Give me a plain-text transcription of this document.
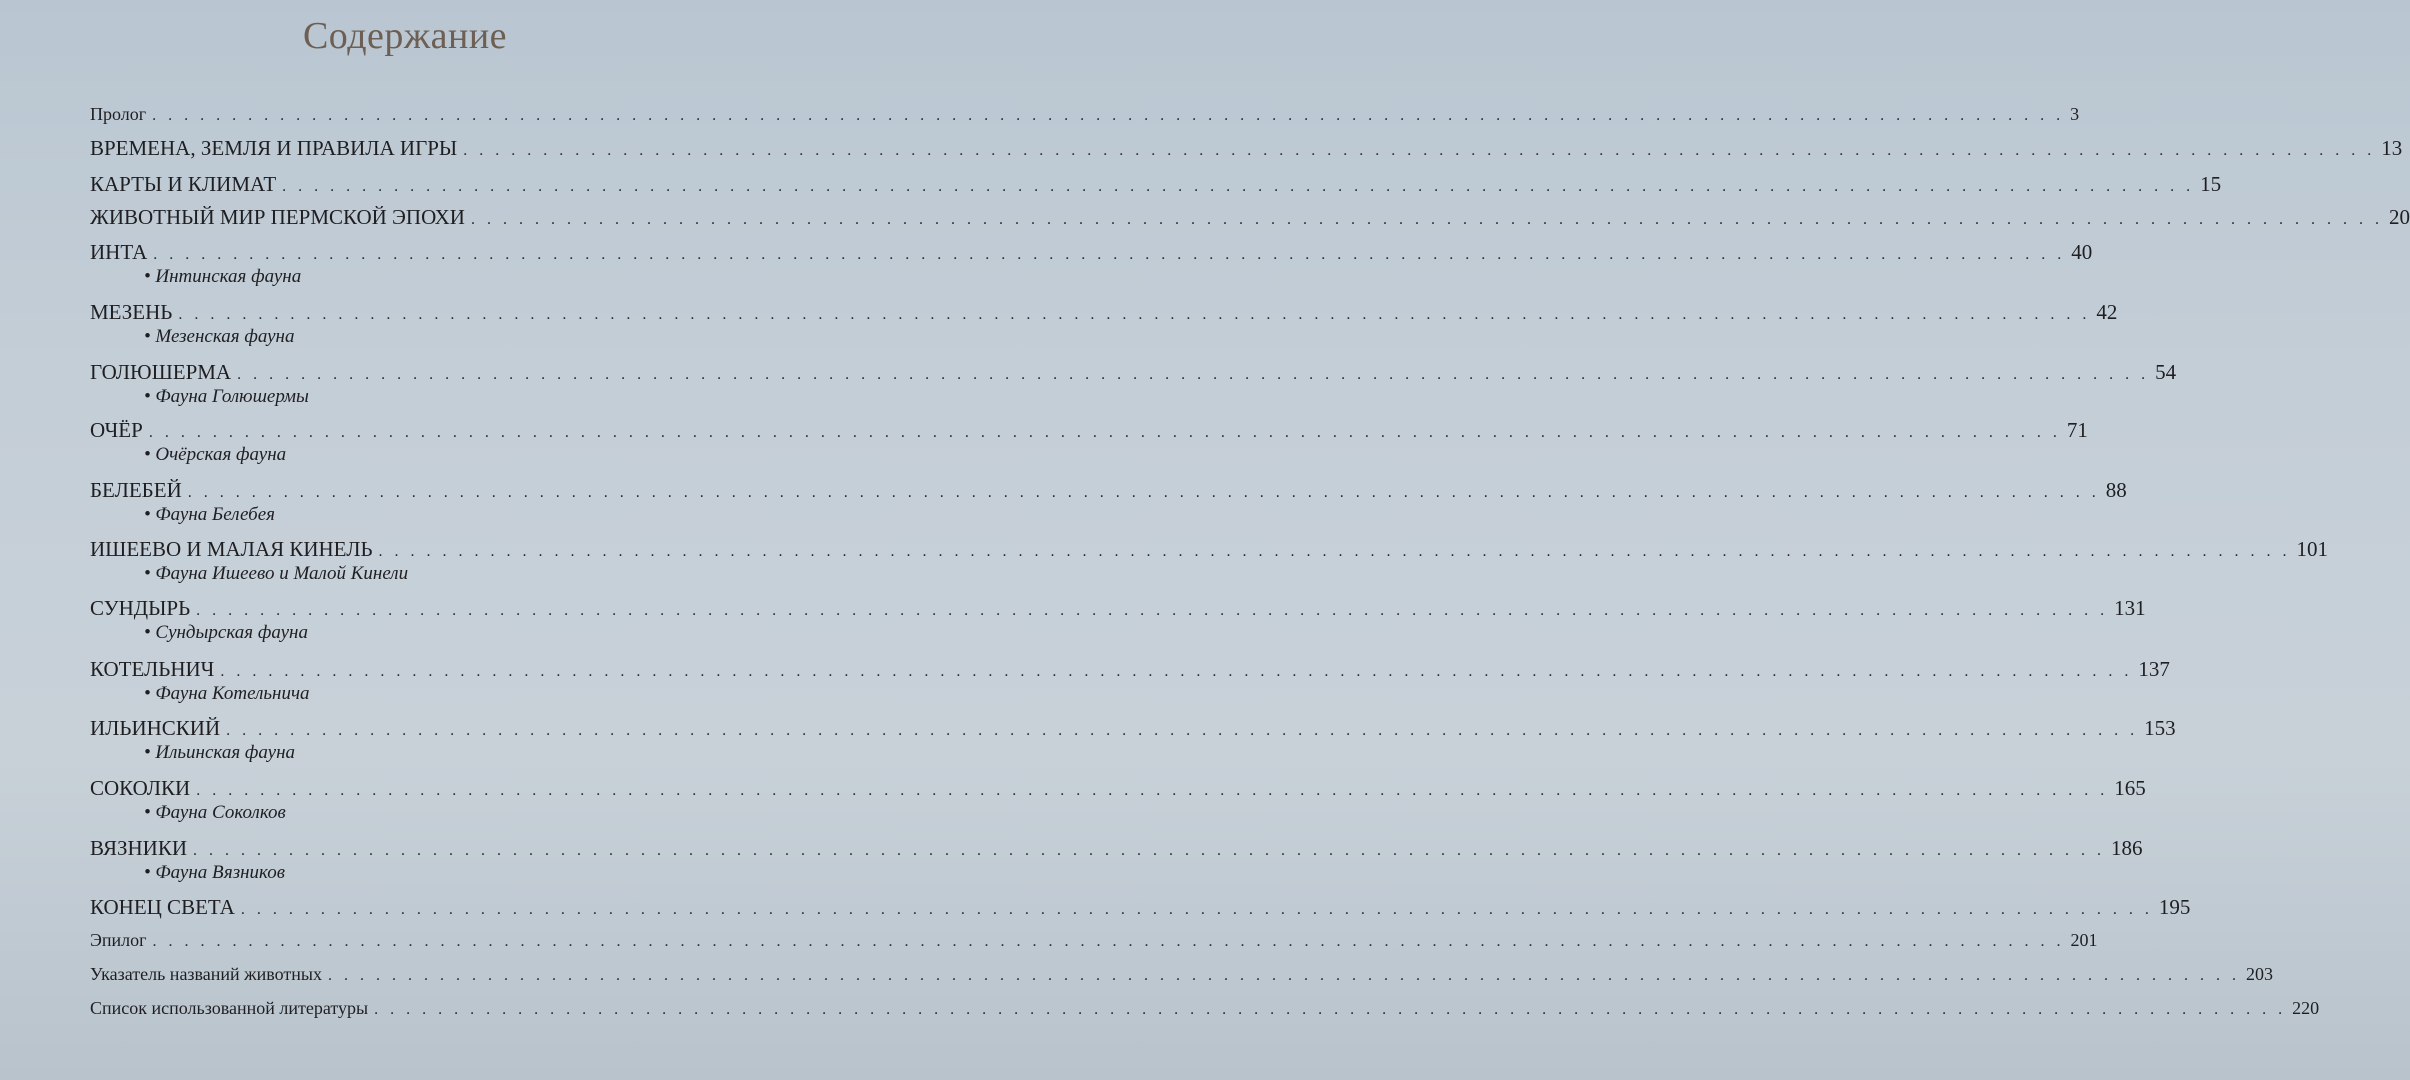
Содержание
Пролог . . . . . . . . . . . . . . . . . . . . . . . . . . . . . . . . . . . . . . . . . . . . . . . . . . . . . . . . . . . . . . . . . . . . . . . . . . . . . . . . . . . . . . . . . . . . . . . . . . . . . . . . . . . . . . . . . . . . . . . . 3
ВРЕМЕНА, ЗЕМЛЯ И ПРАВИЛА ИГРЫ . . . . . . . . . . . . . . . . . . . . . . . . . . . . . . . . . . . . . . . . . . . . . . . . . . . . . . . . . . . . . . . . . . . . . . . . . . . . . . . . . . . . . . . . . . . . . . . . . . . . . . . . . . . . . . . . . . . . . . . . 13
КАРТЫ И КЛИМАТ . . . . . . . . . . . . . . . . . . . . . . . . . . . . . . . . . . . . . . . . . . . . . . . . . . . . . . . . . . . . . . . . . . . . . . . . . . . . . . . . . . . . . . . . . . . . . . . . . . . . . . . . . . . . . . . . . . . . . . . . 15
ЖИВОТНЫЙ МИР ПЕРМСКОЙ ЭПОХИ . . . . . . . . . . . . . . . . . . . . . . . . . . . . . . . . . . . . . . . . . . . . . . . . . . . . . . . . . . . . . . . . . . . . . . . . . . . . . . . . . . . . . . . . . . . . . . . . . . . . . . . . . . . . . . . . . . . . . . . . 20
ИНТА . . . . . . . . . . . . . . . . . . . . . . . . . . . . . . . . . . . . . . . . . . . . . . . . . . . . . . . . . . . . . . . . . . . . . . . . . . . . . . . . . . . . . . . . . . . . . . . . . . . . . . . . . . . . . . . . . . . . . . . . 40
• Интинская фауна
МЕЗЕНЬ . . . . . . . . . . . . . . . . . . . . . . . . . . . . . . . . . . . . . . . . . . . . . . . . . . . . . . . . . . . . . . . . . . . . . . . . . . . . . . . . . . . . . . . . . . . . . . . . . . . . . . . . . . . . . . . . . . . . . . . . 42
• Мезенская фауна
ГОЛЮШЕРМА . . . . . . . . . . . . . . . . . . . . . . . . . . . . . . . . . . . . . . . . . . . . . . . . . . . . . . . . . . . . . . . . . . . . . . . . . . . . . . . . . . . . . . . . . . . . . . . . . . . . . . . . . . . . . . . . . . . . . . . . 54
• Фауна Голюшермы
ОЧЁР . . . . . . . . . . . . . . . . . . . . . . . . . . . . . . . . . . . . . . . . . . . . . . . . . . . . . . . . . . . . . . . . . . . . . . . . . . . . . . . . . . . . . . . . . . . . . . . . . . . . . . . . . . . . . . . . . . . . . . . . 71
• Очёрская фауна
БЕЛЕБЕЙ . . . . . . . . . . . . . . . . . . . . . . . . . . . . . . . . . . . . . . . . . . . . . . . . . . . . . . . . . . . . . . . . . . . . . . . . . . . . . . . . . . . . . . . . . . . . . . . . . . . . . . . . . . . . . . . . . . . . . . . . 88
• Фауна Белебея
ИШЕЕВО И МАЛАЯ КИНЕЛЬ . . . . . . . . . . . . . . . . . . . . . . . . . . . . . . . . . . . . . . . . . . . . . . . . . . . . . . . . . . . . . . . . . . . . . . . . . . . . . . . . . . . . . . . . . . . . . . . . . . . . . . . . . . . . . . . . . . . . . . . . 101
• Фауна Ишеево и Малой Кинели
СУНДЫРЬ . . . . . . . . . . . . . . . . . . . . . . . . . . . . . . . . . . . . . . . . . . . . . . . . . . . . . . . . . . . . . . . . . . . . . . . . . . . . . . . . . . . . . . . . . . . . . . . . . . . . . . . . . . . . . . . . . . . . . . . . 131
• Сундырская фауна
КОТЕЛЬНИЧ . . . . . . . . . . . . . . . . . . . . . . . . . . . . . . . . . . . . . . . . . . . . . . . . . . . . . . . . . . . . . . . . . . . . . . . . . . . . . . . . . . . . . . . . . . . . . . . . . . . . . . . . . . . . . . . . . . . . . . . . 137
• Фауна Котельнича
ИЛЬИНСКИЙ . . . . . . . . . . . . . . . . . . . . . . . . . . . . . . . . . . . . . . . . . . . . . . . . . . . . . . . . . . . . . . . . . . . . . . . . . . . . . . . . . . . . . . . . . . . . . . . . . . . . . . . . . . . . . . . . . . . . . . . . 153
• Ильинская фауна
СОКОЛКИ . . . . . . . . . . . . . . . . . . . . . . . . . . . . . . . . . . . . . . . . . . . . . . . . . . . . . . . . . . . . . . . . . . . . . . . . . . . . . . . . . . . . . . . . . . . . . . . . . . . . . . . . . . . . . . . . . . . . . . . . 165
• Фауна Соколков
ВЯЗНИКИ . . . . . . . . . . . . . . . . . . . . . . . . . . . . . . . . . . . . . . . . . . . . . . . . . . . . . . . . . . . . . . . . . . . . . . . . . . . . . . . . . . . . . . . . . . . . . . . . . . . . . . . . . . . . . . . . . . . . . . . . 186
• Фауна Вязников
КОНЕЦ СВЕТА . . . . . . . . . . . . . . . . . . . . . . . . . . . . . . . . . . . . . . . . . . . . . . . . . . . . . . . . . . . . . . . . . . . . . . . . . . . . . . . . . . . . . . . . . . . . . . . . . . . . . . . . . . . . . . . . . . . . . . . . 195
Эпилог . . . . . . . . . . . . . . . . . . . . . . . . . . . . . . . . . . . . . . . . . . . . . . . . . . . . . . . . . . . . . . . . . . . . . . . . . . . . . . . . . . . . . . . . . . . . . . . . . . . . . . . . . . . . . . . . . . . . . . . . 201
Указатель названий животных . . . . . . . . . . . . . . . . . . . . . . . . . . . . . . . . . . . . . . . . . . . . . . . . . . . . . . . . . . . . . . . . . . . . . . . . . . . . . . . . . . . . . . . . . . . . . . . . . . . . . . . . . . . . . . . . . . . . . . . . 203
Список использованной литературы . . . . . . . . . . . . . . . . . . . . . . . . . . . . . . . . . . . . . . . . . . . . . . . . . . . . . . . . . . . . . . . . . . . . . . . . . . . . . . . . . . . . . . . . . . . . . . . . . . . . . . . . . . . . . . . . . . . . . . . . 220
